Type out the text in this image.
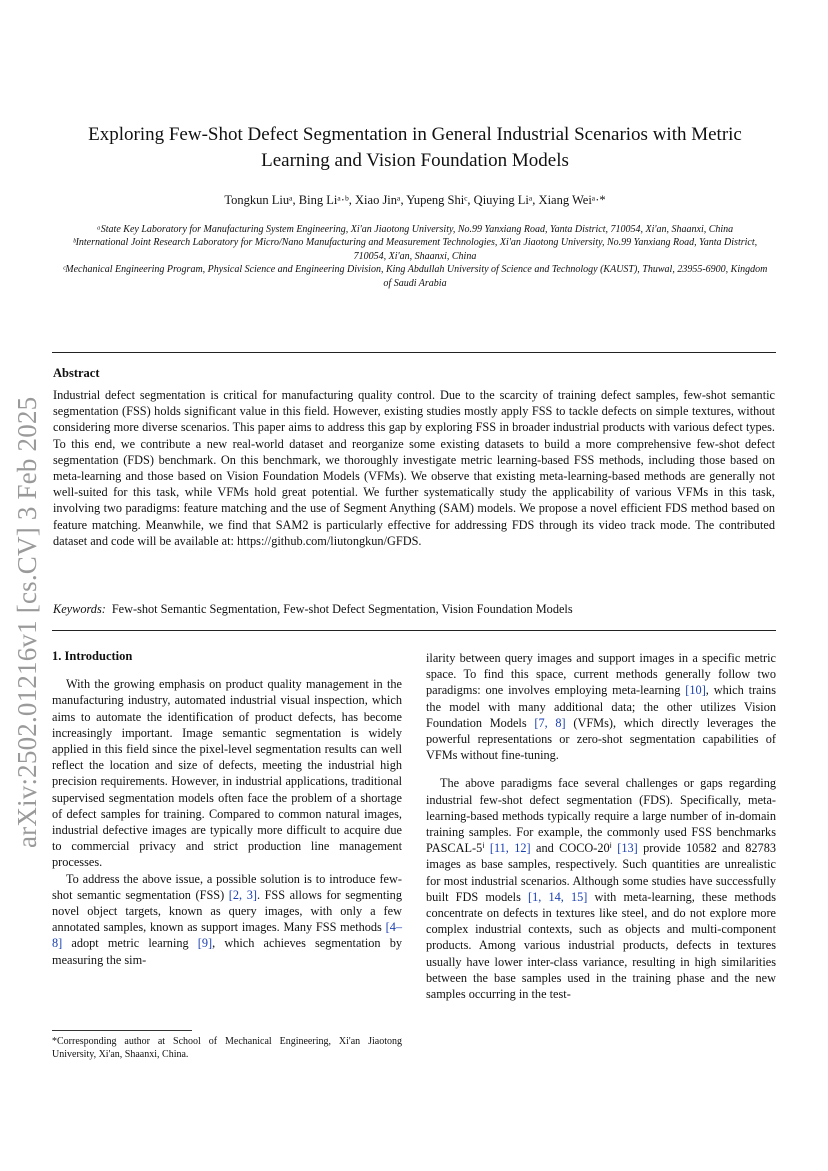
arXiv:2502.01216v1 [cs.CV] 3 Feb 2025
Exploring Few-Shot Defect Segmentation in General Industrial Scenarios with Metric Learning and Vision Foundation Models
Tongkun Liuᵃ, Bing Liᵃ·ᵇ, Xiao Jinᵃ, Yupeng Shiᶜ, Qiuying Liᵃ, Xiang Weiᵃ·*

ᵃState Key Laboratory for Manufacturing System Engineering, Xi'an Jiaotong University, No.99 Yanxiang Road, Yanta District, 710054, Xi'an, Shaanxi, China

ᵇInternational Joint Research Laboratory for Micro/Nano Manufacturing and Measurement Technologies, Xi'an Jiaotong University, No.99 Yanxiang Road, Yanta District, 710054, Xi'an, Shaanxi, China

ᶜMechanical Engineering Program, Physical Science and Engineering Division, King Abdullah University of Science and Technology (KAUST), Thuwal, 23955-6900, Kingdom of Saudi Arabia

Abstract
Industrial defect segmentation is critical for manufacturing quality control. Due to the scarcity of training defect samples, few-shot semantic segmentation (FSS) holds significant value in this field. However, existing studies mostly apply FSS to tackle defects on simple textures, without considering more diverse scenarios. This paper aims to address this gap by exploring FSS in broader industrial products with various defect types. To this end, we contribute a new real-world dataset and reorganize some existing datasets to build a more comprehensive few-shot defect segmentation (FDS) benchmark. On this benchmark, we thoroughly investigate metric learning-based FSS methods, including those based on meta-learning and those based on Vision Foundation Models (VFMs). We observe that existing meta-learning-based methods are generally not well-suited for this task, while VFMs hold great potential. We further systematically study the applicability of various VFMs in this task, involving two paradigms: feature matching and the use of Segment Anything (SAM) models. We propose a novel efficient FDS method based on feature matching. Meanwhile, we find that SAM2 is particularly effective for addressing FDS through its video track mode. The contributed dataset and code will be available at: https://github.com/liutongkun/GFDS.
Keywords: Few-shot Semantic Segmentation, Few-shot Defect Segmentation, Vision Foundation Models
1. Introduction

With the growing emphasis on product quality management in the manufacturing industry, automated industrial visual inspection, which aims to automate the identification of product defects, has become increasingly important. Image semantic segmentation is widely applied in this field since the pixel-level segmentation results can well reflect the location and size of defects, meeting the industrial high precision requirements. However, in industrial applications, traditional supervised segmentation models often face the problem of a shortage of defect samples for training. Compared to common natural images, industrial defective images are typically more difficult to acquire due to commercial privacy and strict production line management processes.

To address the above issue, a possible solution is to introduce few-shot semantic segmentation (FSS) [2, 3]. FSS allows for segmenting novel object targets, known as query images, with only a few annotated samples, known as support images. Many FSS methods [4–8] adopt metric learning [9], which achieves segmentation by measuring the sim-

ilarity between query images and support images in a specific metric space. To find this space, current methods generally follow two paradigms: one involves employing meta-learning [10], which trains the model with many additional data; the other utilizes Vision Foundation Models [7, 8] (VFMs), which directly leverages the powerful representations or zero-shot segmentation capabilities of VFMs without fine-tuning.

The above paradigms face several challenges or gaps regarding industrial few-shot defect segmentation (FDS). Specifically, meta-learning-based methods typically require a large number of in-domain training samples. For example, the commonly used FSS benchmarks PASCAL-5ⁱ [11, 12] and COCO-20ⁱ [13] provide 10582 and 82783 images as base samples, respectively. Such quantities are unrealistic for most industrial scenarios. Although some studies have successfully built FDS models [1, 14, 15] with meta-learning, these methods concentrate on defects in textures like steel, and do not explore more complex industrial contexts, such as objects and multi-component products. Among various industrial products, defects in textures usually have lower inter-class variance, resulting in high similarities between the base samples used in the training phase and the new samples occurring in the test-

*Corresponding author at School of Mechanical Engineering, Xi'an Jiaotong University, Xi'an, Shaanxi, China.
